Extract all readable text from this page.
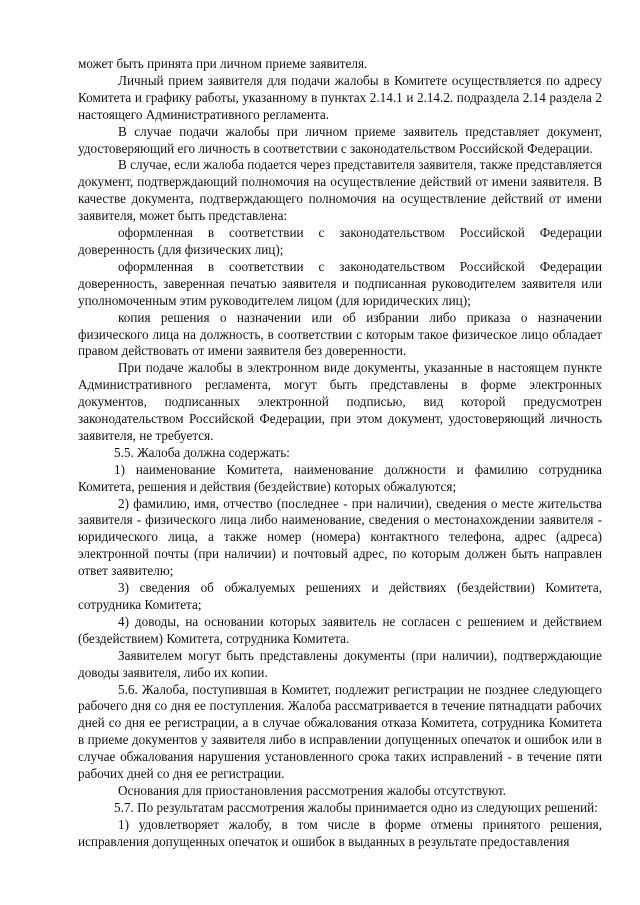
может быть принята при личном приеме заявителя.

Личный прием заявителя для подачи жалобы в Комитете осуществляется по адресу Комитета и графику работы, указанному в пунктах 2.14.1 и 2.14.2. подраздела 2.14 раздела 2 настоящего Административного регламента.

В случае подачи жалобы при личном приеме заявитель представляет документ, удостоверяющий его личность в соответствии с законодательством Российской Федерации.

В случае, если жалоба подается через представителя заявителя, также представляется документ, подтверждающий полномочия на осуществление действий от имени заявителя. В качестве документа, подтверждающего полномочия на осуществление действий от имени заявителя, может быть представлена:

оформленная в соответствии с законодательством Российской Федерации доверенность (для физических лиц);

оформленная в соответствии с законодательством Российской Федерации доверенность, заверенная печатью заявителя и подписанная руководителем заявителя или уполномоченным этим руководителем лицом (для юридических лиц);

копия решения о назначении или об избрании либо приказа о назначении физического лица на должность, в соответствии с которым такое физическое лицо обладает правом действовать от имени заявителя без доверенности.

При подаче жалобы в электронном виде документы, указанные в настоящем пункте Административного регламента, могут быть представлены в форме электронных документов, подписанных электронной подписью, вид которой предусмотрен законодательством Российской Федерации, при этом документ, удостоверяющий личность заявителя, не требуется.

5.5. Жалоба должна содержать:

1) наименование Комитета, наименование должности и фамилию сотрудника Комитета, решения и действия (бездействие) которых обжалуются;

2) фамилию, имя, отчество (последнее - при наличии), сведения о месте жительства заявителя - физического лица либо наименование, сведения о местонахождении заявителя - юридического лица, а также номер (номера) контактного телефона, адрес (адреса) электронной почты (при наличии) и почтовый адрес, по которым должен быть направлен ответ заявителю;

3) сведения об обжалуемых решениях и действиях (бездействии) Комитета, сотрудника Комитета;

4) доводы, на основании которых заявитель не согласен с решением и действием (бездействием) Комитета, сотрудника Комитета.

Заявителем могут быть представлены документы (при наличии), подтверждающие доводы заявителя, либо их копии.

5.6. Жалоба, поступившая в Комитет, подлежит регистрации не позднее следующего рабочего дня со дня ее поступления. Жалоба рассматривается в течение пятнадцати рабочих дней со дня ее регистрации, а в случае обжалования отказа Комитета, сотрудника Комитета в приеме документов у заявителя либо в исправлении допущенных опечаток и ошибок или в случае обжалования нарушения установленного срока таких исправлений - в течение пяти рабочих дней со дня ее регистрации.

Основания для приостановления рассмотрения жалобы отсутствуют.

5.7. По результатам рассмотрения жалобы принимается одно из следующих решений:

1) удовлетворяет жалобу, в том числе в форме отмены принятого решения, исправления допущенных опечаток и ошибок в выданных в результате предоставления
